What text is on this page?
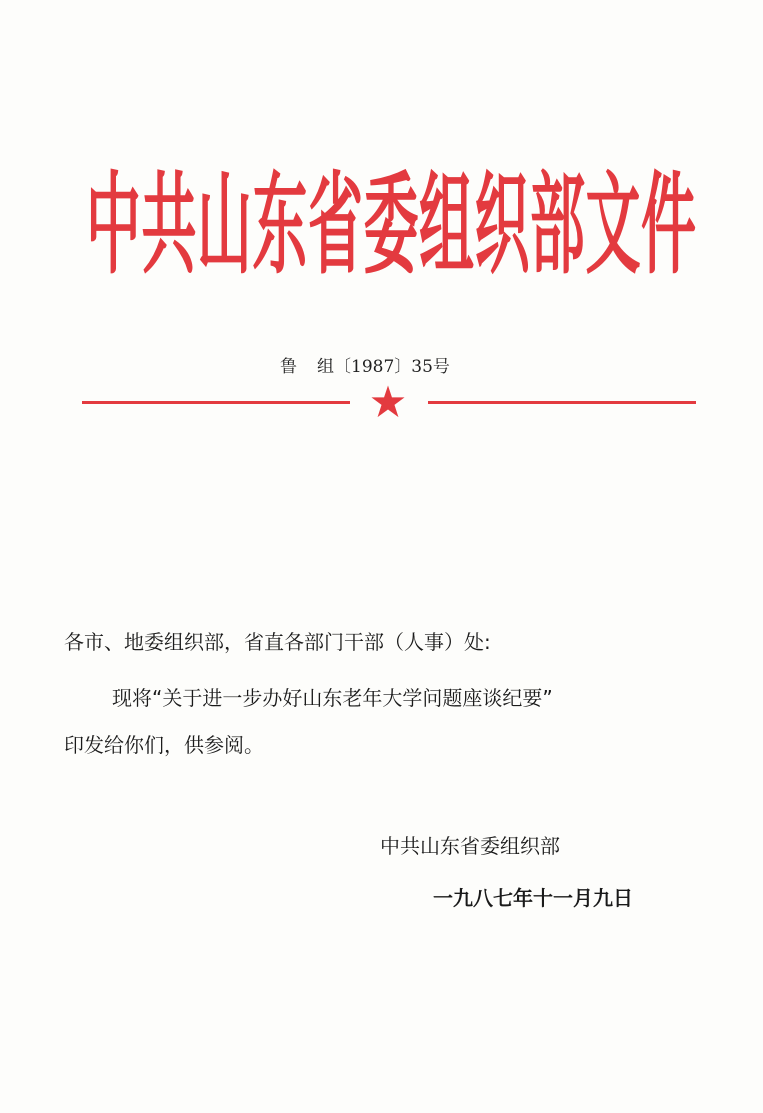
中 共 山 东 省 委 组 织 部 文 件
鲁 组〔1987〕35号
各市、地委组织部，省直各部门干部（人事）处:
现将“关于进一步办好山东老年大学问题座谈纪要”
印发给你们，供参阅。
中共山东省委组织部
一九八七年十一月九日
